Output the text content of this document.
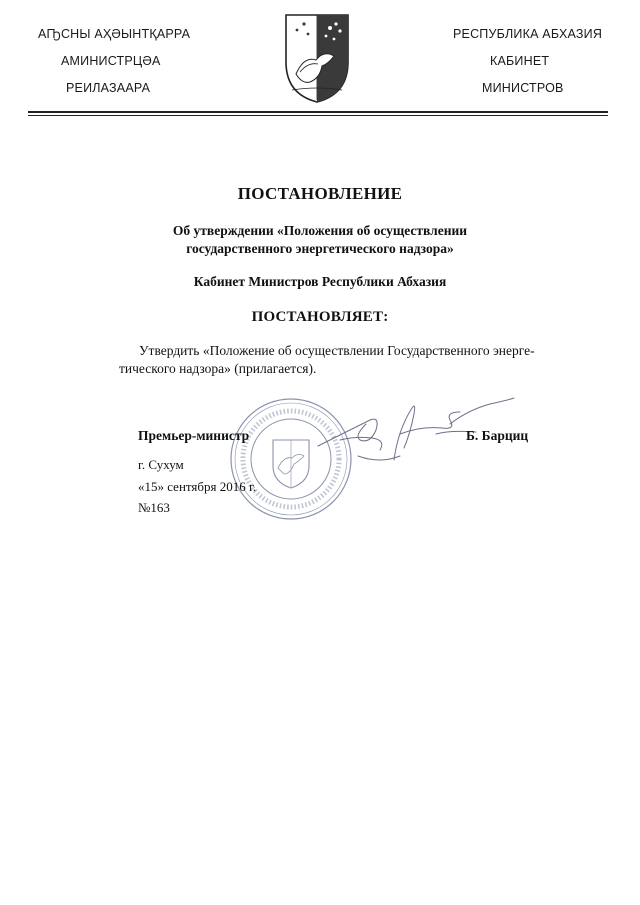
АҦСНЫ АҲӘЫНТҚАРРА
АМИНИСТРЦӘА
РЕИЛАЗААРА
РЕСПУБЛИКА АБХАЗИЯ
КАБИНЕТ
МИНИСТРОВ
ПОСТАНОВЛЕНИЕ
Об утверждении «Положения об осуществлении
государственного энергетического надзора»
Кабинет Министров Республики Абхазия
ПОСТАНОВЛЯЕТ:
Утвердить «Положение об осуществлении Государственного энерге-
тического надзора» (прилагается).
Премьер-министр	Б. Барциц
г. Сухум
«15» сентября 2016 г.
№163
